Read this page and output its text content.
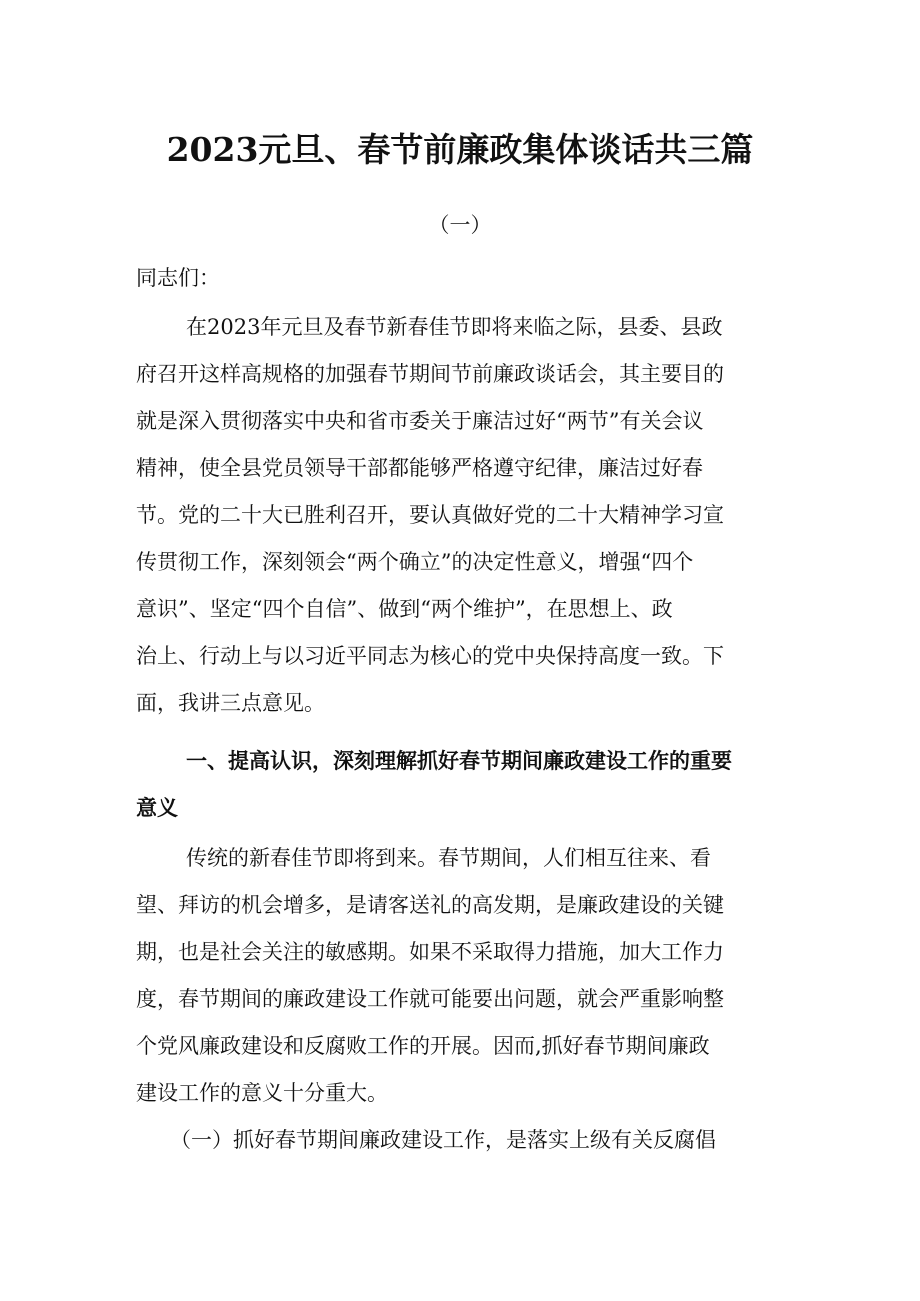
2023元旦、春节前廉政集体谈话共三篇
（一）
同志们：
在2023年元旦及春节新春佳节即将来临之际，县委、县政
府召开这样高规格的加强春节期间节前廉政谈话会，其主要目的
就是深入贯彻落实中央和省市委关于廉洁过好“两节”有关会议
精神，使全县党员领导干部都能够严格遵守纪律，廉洁过好春
节。党的二十大已胜利召开，要认真做好党的二十大精神学习宣
传贯彻工作，深刻领会“两个确立”的决定性意义，增强“四个
意识”、坚定“四个自信”、做到“两个维护”，在思想上、政
治上、行动上与以习近平同志为核心的党中央保持高度一致。下
面，我讲三点意见。
一、提高认识，深刻理解抓好春节期间廉政建设工作的重要
意义
传统的新春佳节即将到来。春节期间，人们相互往来、看
望、拜访的机会增多，是请客送礼的高发期，是廉政建设的关键
期，也是社会关注的敏感期。如果不采取得力措施，加大工作力
度，春节期间的廉政建设工作就可能要出问题，就会严重影响整
个党风廉政建设和反腐败工作的开展。因而,抓好春节期间廉政
建设工作的意义十分重大。
（一）抓好春节期间廉政建设工作，是落实上级有关反腐倡
